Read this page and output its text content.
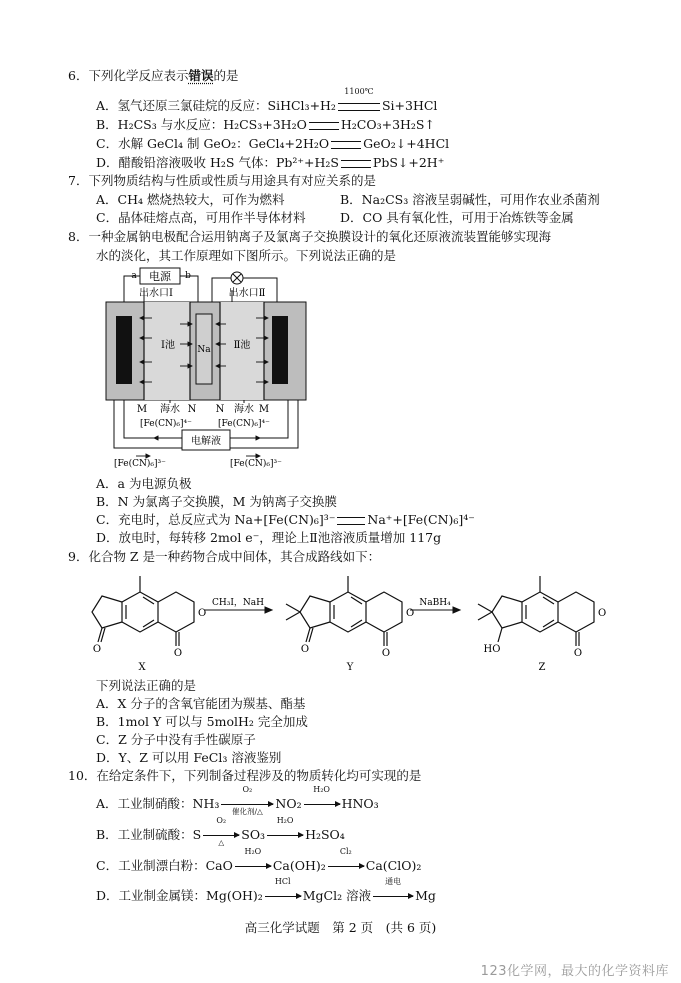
6．下列化学反应表示错误的是
A．氢气还原三氯硅烷的反应：SiHCl₃+H₂
1100℃
Si+3HCl
B．H₂CS₃ 与水反应：H₂CS₃+3H₂O	H₂CO₃+3H₂S↑
C．水解 GeCl₄ 制 GeO₂：GeCl₄+2H₂O	GeO₂↓+4HCl
D．醋酸铅溶液吸收 H₂S 气体：Pb²⁺+H₂S	PbS↓+2H⁺
7．下列物质结构与性质或性质与用途具有对应关系的是
A．CH₄ 燃烧热较大，可作为燃料	B．Na₂CS₃ 溶液呈弱碱性，可用作农业杀菌剂
C．晶体硅熔点高，可用作半导体材料	D．CO 具有氧化性，可用于冶炼铁等金属
8．一种金属钠电极配合运用钠离子及氯离子交换膜设计的氧化还原液流装置能够实现海
水的淡化，其工作原理如下图所示。下列说法正确的是
电源
a	b
出水口Ⅰ	出水口Ⅱ
Na
Ⅰ池	Ⅱ池
M	N N	M
海水	海水
[Fe(CN)₆]⁴⁻	[Fe(CN)₆]⁴⁻
电解液
[Fe(CN)₆]³⁻	[Fe(CN)₆]³⁻
A．a 为电源负极
B．N 为氯离子交换膜，M 为钠离子交换膜
C．充电时，总反应式为 Na+[Fe(CN)₆]³⁻	Na⁺+[Fe(CN)₆]⁴⁻
D．放电时，每转移 2mol e⁻，理论上Ⅱ池溶液质量增加 117g
9．化合物 Z 是一种药物合成中间体，其合成路线如下：
O
O
O	O
O
O	HO
O
O
CH₃I，NaH	NaBH₄
X	Y	Z
下列说法正确的是
A．X 分子的含氧官能团为羰基、酯基
B．1mol Y 可以与 5molH₂ 完全加成
C．Z 分子中没有手性碳原子
D．Y、Z 可以用 FeCl₃ 溶液鉴别
10．在给定条件下，下列制备过程涉及的物质转化均可实现的是
A．工业制硝酸：NH₃
O₂
催化剂/△
NO₂
H₂O
HNO₃
B．工业制硫酸：S
O₂
△
SO₃
H₂O
H₂SO₄
C．工业制漂白粉：CaO
H₂O
Ca(OH)₂
Cl₂
Ca(ClO)₂
D．工业制金属镁：Mg(OH)₂
HCl
MgCl₂ 溶液
通电
Mg
高三化学试题　第 2 页　(共 6 页)
123化学网，最大的化学资料库
